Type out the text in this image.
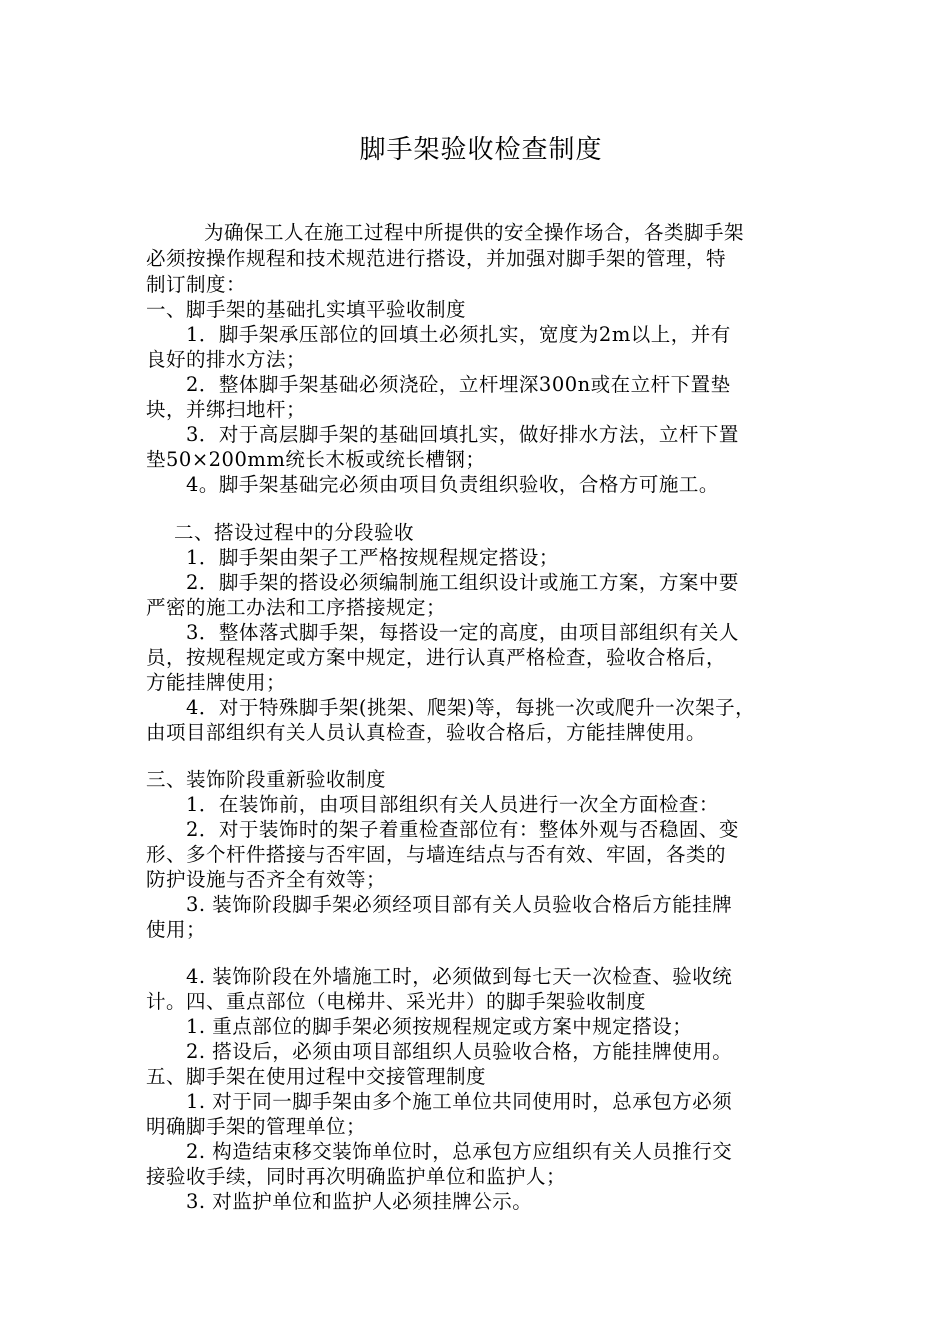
脚手架验收检查制度
为确保工人在施工过程中所提供的安全操作场合，各类脚手架
必须按操作规程和技术规范进行搭设，并加强对脚手架的管理，特
制订制度：
一、脚手架的基础扎实填平验收制度
1．脚手架承压部位的回填土必须扎实，宽度为2m以上，并有
良好的排水方法；
2．整体脚手架基础必须浇砼，立杆埋深300n或在立杆下置垫
块，并绑扫地杆；
3．对于高层脚手架的基础回填扎实，做好排水方法，立杆下置
垫50×200mm统长木板或统长槽钢；
4。脚手架基础完必须由项目负责组织验收，合格方可施工。
二、搭设过程中的分段验收
1．脚手架由架子工严格按规程规定搭设；
2．脚手架的搭设必须编制施工组织设计或施工方案，方案中要
严密的施工办法和工序搭接规定；
3．整体落式脚手架，每搭设一定的高度，由项目部组织有关人
员，按规程规定或方案中规定，进行认真严格检查，验收合格后，
方能挂牌使用；
4．对于特殊脚手架(挑架、爬架)等，每挑一次或爬升一次架子，
由项目部组织有关人员认真检查，验收合格后，方能挂牌使用。
三、装饰阶段重新验收制度
1．在装饰前，由项目部组织有关人员进行一次全方面检查：
2．对于装饰时的架子着重检查部位有：整体外观与否稳固、变
形、多个杆件搭接与否牢固，与墙连结点与否有效、牢固，各类的
防护设施与否齐全有效等；
3. 装饰阶段脚手架必须经项目部有关人员验收合格后方能挂牌
使用；
4. 装饰阶段在外墙施工时，必须做到每七天一次检查、验收统
计。四、重点部位（电梯井、采光井）的脚手架验收制度
1. 重点部位的脚手架必须按规程规定或方案中规定搭设；
2. 搭设后，必须由项目部组织人员验收合格，方能挂牌使用。
五、脚手架在使用过程中交接管理制度
1. 对于同一脚手架由多个施工单位共同使用时，总承包方必须
明确脚手架的管理单位；
2. 构造结束移交装饰单位时，总承包方应组织有关人员推行交
接验收手续，同时再次明确监护单位和监护人；
3. 对监护单位和监护人必须挂牌公示。
